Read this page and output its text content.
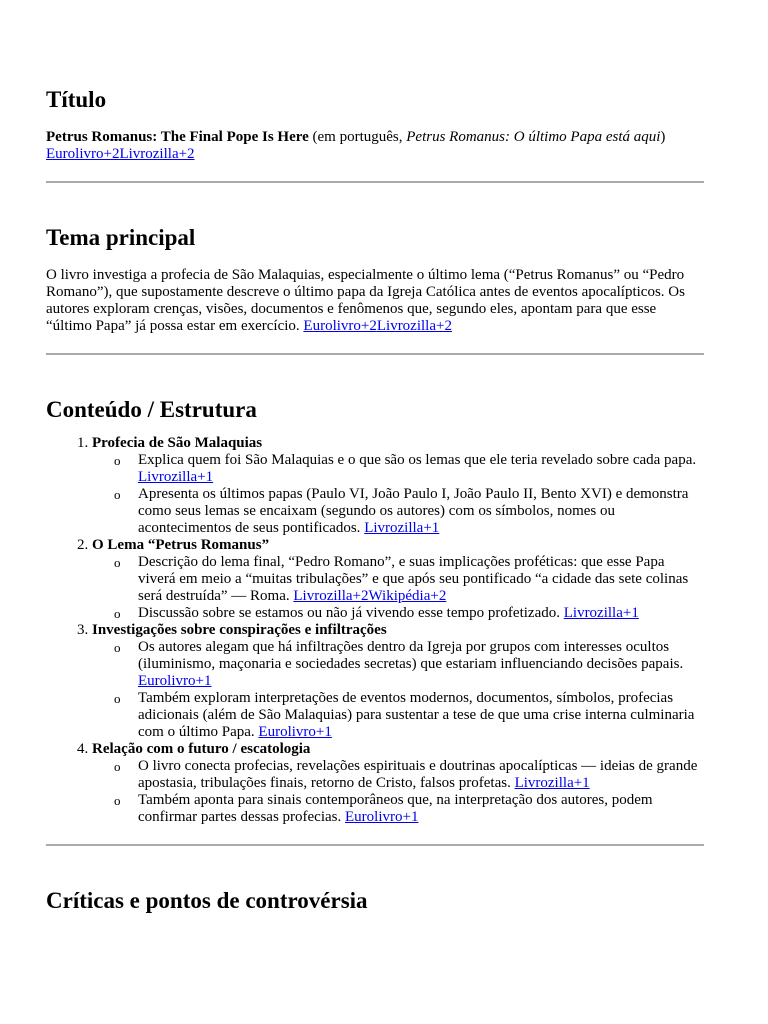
Título

Petrus Romanus: The Final Pope Is Here (em português, Petrus Romanus: O último Papa está aqui)
Eurolivro+2Livrozilla+2

Tema principal

O livro investiga a profecia de São Malaquias, especialmente o último lema (“Petrus Romanus” ou “Pedro Romano”), que supostamente descreve o último papa da Igreja Católica antes de eventos apocalípticos. Os autores exploram crenças, visões, documentos e fenômenos que, segundo eles, apontam para que esse “último Papa” já possa estar em exercício. Eurolivro+2Livrozilla+2

Conteúdo / Estrutura
1. Profecia de São Malaquias
o Explica quem foi São Malaquias e o que são os lemas que ele teria revelado sobre cada papa. Livrozilla+1
o Apresenta os últimos papas (Paulo VI, João Paulo I, João Paulo II, Bento XVI) e demonstra como seus lemas se encaixam (segundo os autores) com os símbolos, nomes ou acontecimentos de seus pontificados. Livrozilla+1
2. O Lema “Petrus Romanus”
o Descrição do lema final, “Pedro Romano”, e suas implicações proféticas: que esse Papa viverá em meio a “muitas tribulações” e que após seu pontificado “a cidade das sete colinas será destruída” — Roma. Livrozilla+2Wikipédia+2
o Discussão sobre se estamos ou não já vivendo esse tempo profetizado. Livrozilla+1
3. Investigações sobre conspirações e infiltrações
o Os autores alegam que há infiltrações dentro da Igreja por grupos com interesses ocultos (iluminismo, maçonaria e sociedades secretas) que estariam influenciando decisões papais. Eurolivro+1
o Também exploram interpretações de eventos modernos, documentos, símbolos, profecias adicionais (além de São Malaquias) para sustentar a tese de que uma crise interna culminaria com o último Papa. Eurolivro+1
4. Relação com o futuro / escatologia
o O livro conecta profecias, revelações espirituais e doutrinas apocalípticas — ideias de grande apostasia, tribulações finais, retorno de Cristo, falsos profetas. Livrozilla+1
o Também aponta para sinais contemporâneos que, na interpretação dos autores, podem confirmar partes dessas profecias. Eurolivro+1
Críticas e pontos de controvérsia
